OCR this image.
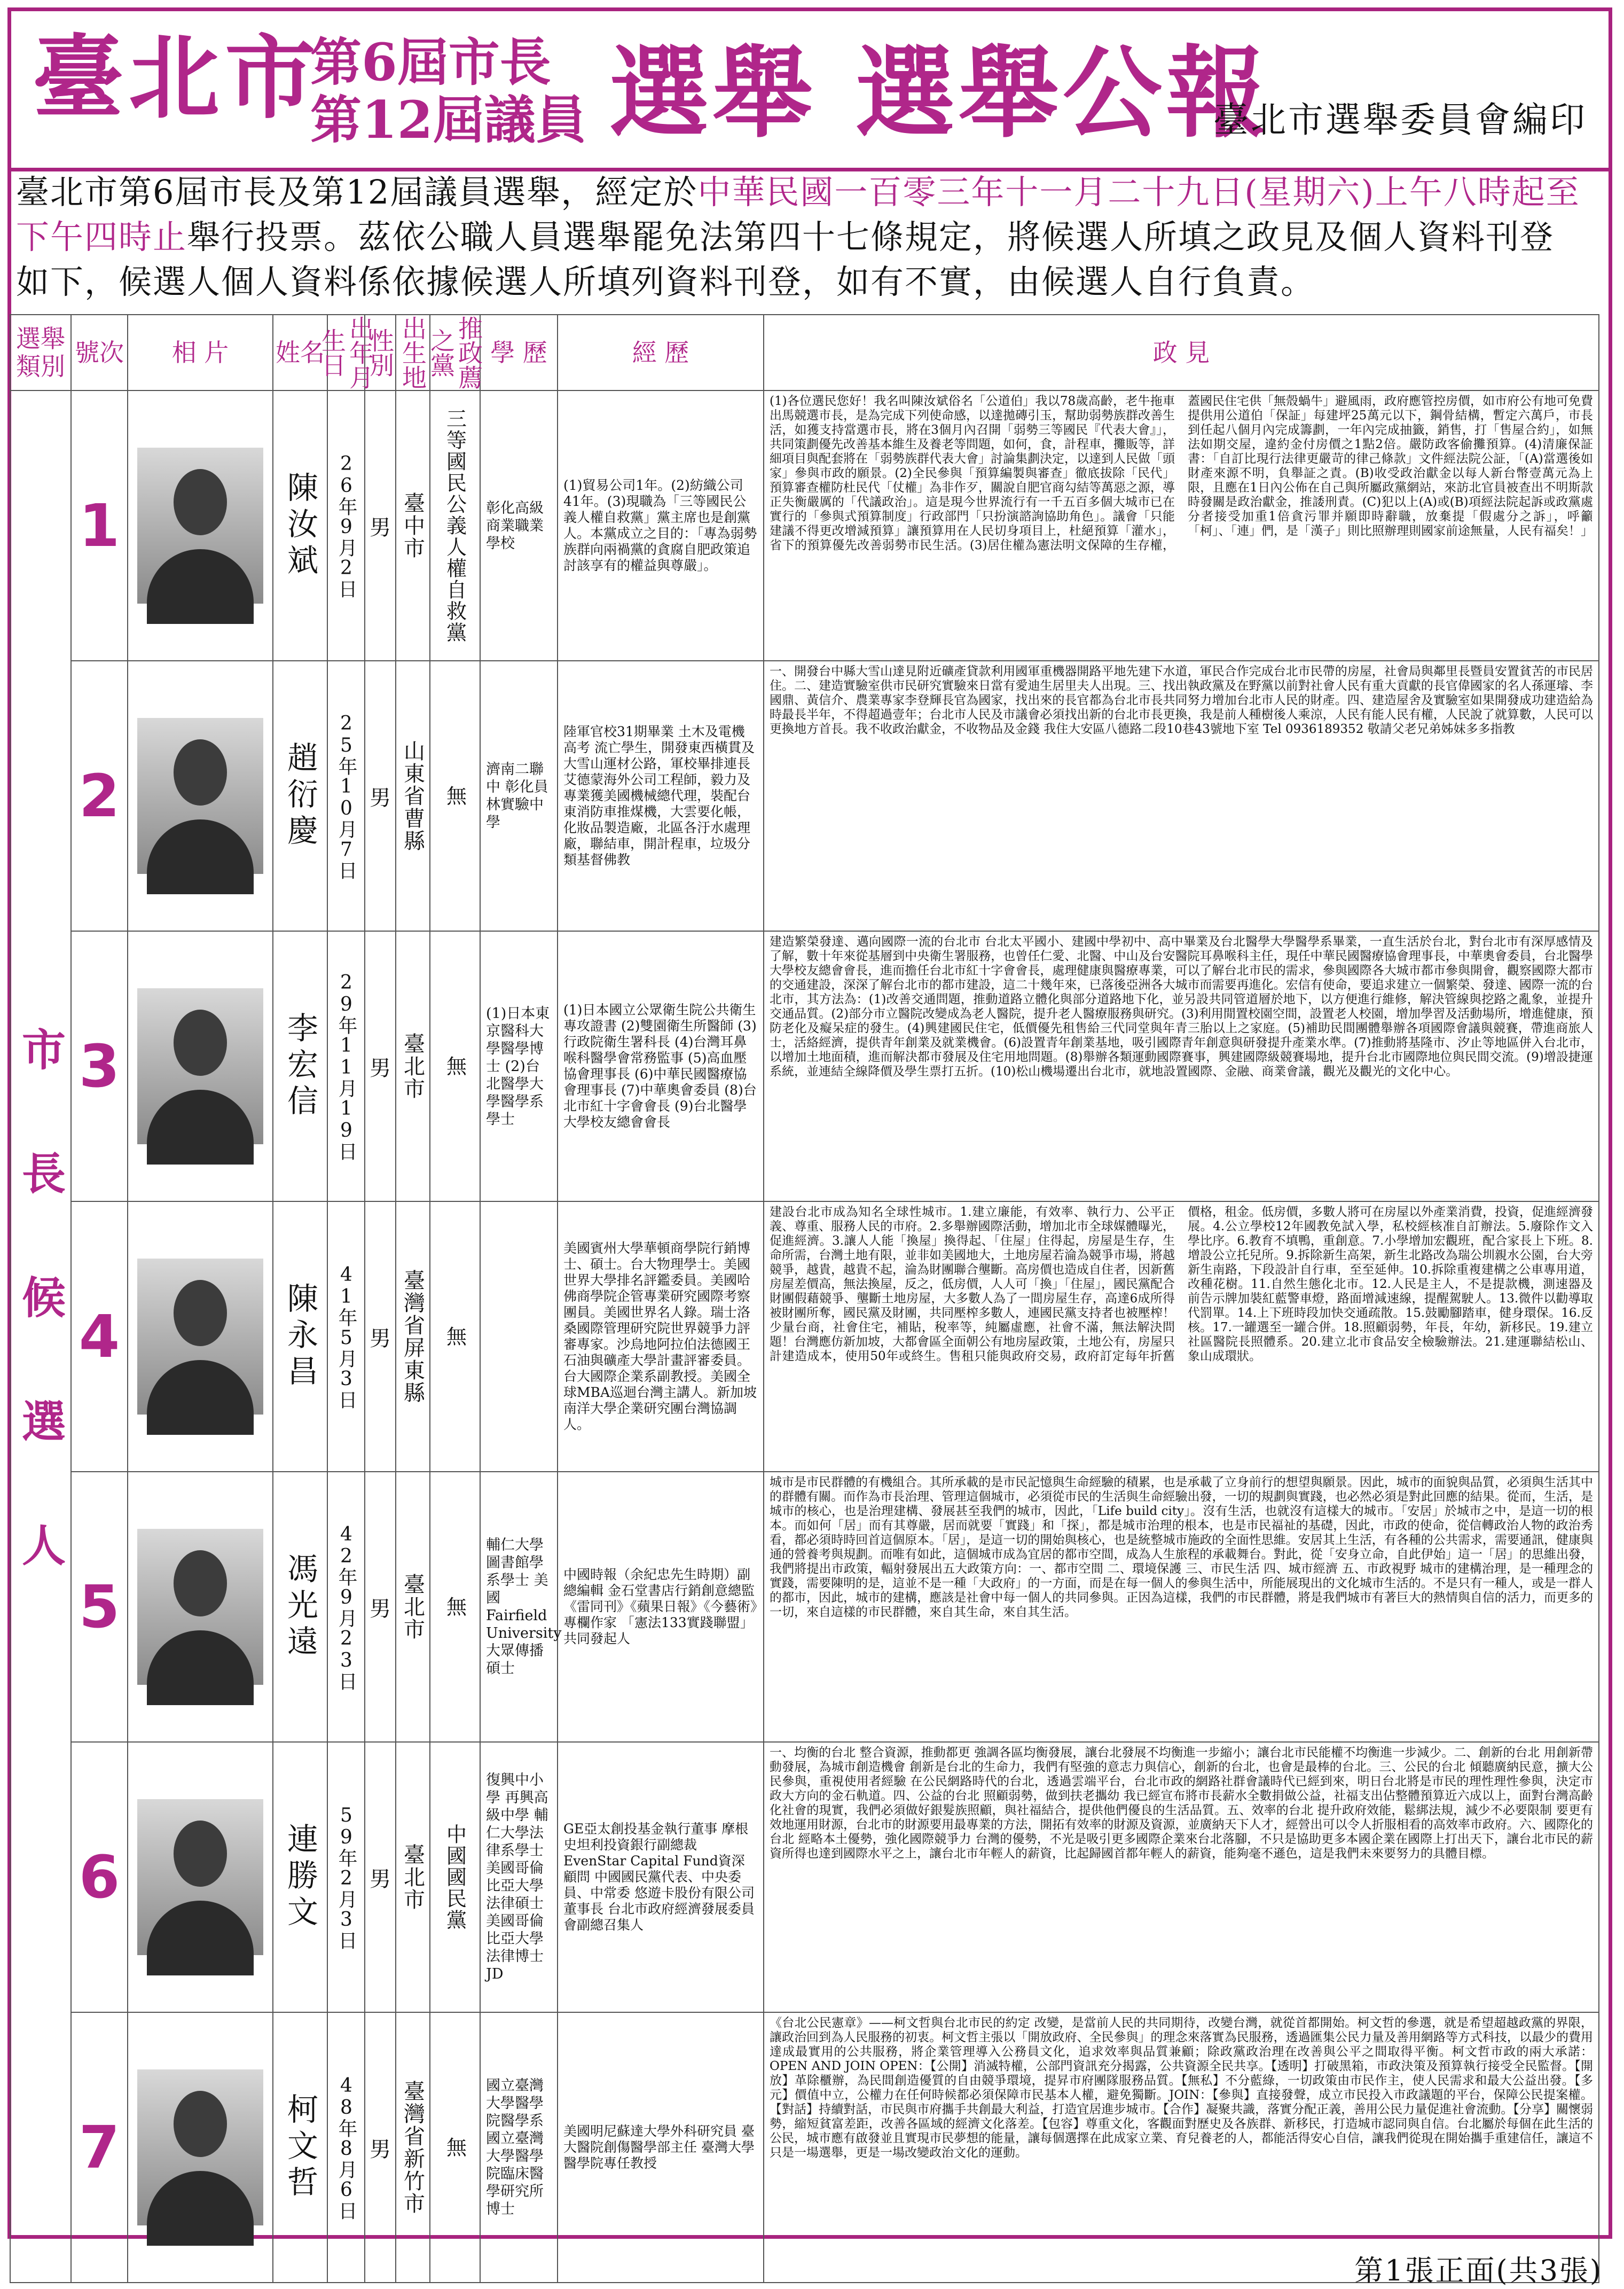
臺北市
第6屆市長
第12屆議員 選舉 選舉公報
臺北市選舉委員會編印
臺北市第6屆市長及第12屆議員選舉，經定於中華民國一百零三年十一月二十九日(星期六)上午八時起至下午四時止舉行投票。茲依公職人員選舉罷免法第四十七條規定，將候選人所填之政見及個人資料刊登如下，候選人個人資料係依據候選人所填列資料刊登，如有不實，由候選人自行負責。
選舉類別	號次	相 片	姓名	出年月生日	性別	出生地	推政薦之黨	學 歷	經 歷	政 見
市長候選人	1		陳汝斌	26年9月2日	男	臺中市	三等國民公義人權自救黨	彰化高級商業職業學校	(1)貿易公司1年。(2)紡織公司41年。(3)現職為「三等國民公義人權自救黨」黨主席也是創黨人。本黨成立之目的：「專為弱勢族群向兩禍黨的貪腐自肥政策追討該享有的權益與尊嚴」。	(1)各位選民您好！我名叫陳汝斌俗名「公道伯」我以78歲高齡，老牛拖車出馬競選市長，是為完成下列使命感，以達拋磚引玉，幫助弱勢族群改善生活，如獲支持當選市長，將在3個月內召開「弱勢三等國民『代表大會』」，共同策劃優先改善基本維生及養老等問題，如何，食，計程車，攤販等，詳細項目與配套將在「弱勢族群代表大會」討論集劃決定，以達到人民做「頭家」參與市政的願景。(2)全民參與「預算編製與審查」徹底拔除「民代」預算審查權防杜民代「仗權」為非作歹，關說自肥官商勾結等萬惡之源，導正失衡嚴厲的「代議政治」。這是現今世界流行有一千五百多個大城市已在實行的「參與式預算制度」行政部門「只扮演諮詢協助角色」。議會「只能建議不得更改增減預算」讓預算用在人民切身項目上，杜絕預算「灌水」，省下的預算優先改善弱勢市民生活。(3)居住權為憲法明文保障的生存權，蓋國民住宅供「無殼蝸牛」避風雨，政府應管控房價，如市府公有地可免費提供用公道伯「保証」每建坪25萬元以下，鋼骨結構，暫定六萬戶，市長到任起八個月內完成籌劃，一年內完成抽籤，銷售，打「售屋合約」，如無法如期交屋，違約金付房價之1點2倍。嚴防政客偷攤預算。(4)清廉保証書：「自訂比現行法律更嚴苛的律己條款」文件經法院公証，「(A)當選後如財產來源不明，負舉証之責。(B)收受政治獻金以每人新台幣壹萬元為上限，且應在1日內公佈在自己與所屬政黨網站，來訪北官員被查出不明斯款時發關是政治獻金，推諉刑責。(C)犯以上(A)或(B)項經法院起訴或政黨處分者接受加重1倍貪污罪并願即時辭職，放棄提「假處分之訴」，呼籲「柯」、「連」們，是「漢子」則比照辦理則國家前途無量，人民有福矣！」

	2		趙衍慶	25年10月7日	男	山東省曹縣	無	濟南二聯中 彰化員林實驗中學	陸軍官校31期畢業 土木及電機高考 流亡學生，開發東西橫貫及大雪山運材公路，軍校畢排連長 艾德蒙海外公司工程師，毅力及專業獲美國機械總代理，裝配台東消防車推煤機，大雲要化帳，化妝品製造廠，北區各汙水處理廠，聯結車，開計程車，垃圾分類基督佛教	一、開發台中縣大雪山達見附近礦產貸款利用國軍重機器開路平地先建下水道，軍民合作完成台北市民帶的房屋，社會局與鄰里長暨員安置貧苦的市民居住。二、建造實驗室供市民研究實驗來日當有愛迪生居里夫人出現。三、找出執政黨及在野黨以前對社會人民有重大貢獻的長官偉國家的名人孫運璿、李國鼎、黃信介、農業專家李登輝長官為國家，找出來的長官都為台北市長共同努力增加台北市人民的財產。四、建造屋舍及實驗室如果開發成功建造給為時最長半年，不得超過壹年；台北市人民及市議會必須找出新的台北市長更換，我是前人種樹後人乘涼，人民有能人民有權，人民說了就算數，人民可以更換地方首長。我不收政治獻金，不收物品及金錢 我住大安區八德路二段10巷43號地下室 Tel 0936189352 敬請父老兄弟姊妹多多指教

	3		李宏信	29年11月19日	男	臺北市	無	(1)日本東京醫科大學醫學博士 (2)台北醫學大學醫學系學士	(1)日本國立公眾衛生院公共衛生專攻證書 (2)雙園衛生所醫師 (3)行政院衛生署科長 (4)台灣耳鼻喉科醫學會常務監事 (5)高血壓協會理事長 (6)中華民國醫療協會理事長 (7)中華奧會委員 (8)台北市紅十字會會長 (9)台北醫學大學校友總會會長	建造繁榮發達、邁向國際一流的台北市 台北太平國小、建國中學初中、高中畢業及台北醫學大學醫學系畢業，一直生活於台北，對台北市有深厚感情及了解，數十年來從基層到中央衛生署服務，也曾任仁愛、北醫、中山及台安醫院耳鼻喉科主任，現任中華民國醫療協會理事長，中華奧會委員，台北醫學大學校友總會會長，進而擔任台北市紅十字會會長，處理健康與醫療專業，可以了解台北市民的需求，參與國際各大城市都市參與開會，觀察國際大都市的交通建設，深深了解台北市的都市建設，這二十幾年來，已落後亞洲各大城市而需要再進化。宏信有使命，要追求建立一個繁榮、發達、國際一流的台北市，其方法為：(1)改善交通問題，推動道路立體化與部分道路地下化，並另設共同管道層於地下，以方便進行維修，解決管線與挖路之亂象，並提升交通品質。(2)部分市立醫院改變成為老人醫院，提升老人醫療服務與研究。(3)利用閒置校園空間，設置老人校園，增加學習及活動場所，增進健康，預防老化及癡呆症的發生。(4)興建國民住宅，低價優先租售給三代同堂與年青三胎以上之家庭。(5)補助民間團體舉辦各項國際會議與競賽，帶進商旅人士，活絡經濟，提供青年創業及就業機會。(6)設置青年創業基地，吸引國際青年創意與研發提升產業水準。(7)推動將基隆市、汐止等地區併入台北市，以增加土地面積，進而解決都市發展及住宅用地問題。(8)舉辦各類運動國際賽事，興建國際級競賽場地，提升台北市國際地位與民間交流。(9)增設捷運系統，並連結全線降價及學生票打五折。(10)松山機場遷出台北市，就地設置國際、金融、商業會議，觀光及觀光的文化中心。

	4		陳永昌	41年5月3日	男	臺灣省屏東縣	無		美國賓州大學華頓商學院行銷博士、碩士。台大物理學士。美國世界大學排名評鑑委員。美國哈佛商學院企管專業研究國際考察團員。美國世界名人錄。瑞士洛桑國際管理研究院世界競爭力評審專家。沙烏地阿拉伯法德國王石油與礦產大學計畫評審委員。台大國際企業系副教授。美國全球MBA巡迴台灣主講人。新加坡南洋大學企業研究團台灣協調人。	建設台北市成為知名全球性城市。1.建立廉能，有效率、執行力、公平正義、尊重、服務人民的市府。2.多舉辦國際活動，增加北市全球媒體曝光，促進經濟。3.讓人人能「換屋」換得起、「住屋」住得起，房屋是生存，生命所需，台灣土地有限，並非如美國地大，土地房屋若淪為競爭市場，將越競爭，越貴，越貴不起，淪為財團聯合壟斷。高房價也造成自住者，因新舊房屋差價高，無法換屋，反之，低房價，人人可「換」「住屋」，國民黨配合財團假藉競爭、壟斷土地房屋，大多數人為了一間房屋生存，高達6成所得被財團所奪，國民黨及財團，共同壓榨多數人，連國民黨支持者也被壓榨！少量台商，社會住宅，補貼，稅率等，純屬虛應，社會不滿，無法解決問題！台灣應仿新加坡，大都會區全面朝公有地房屋政策，土地公有，房屋只計建造成本，使用50年或終生。售租只能與政府交易，政府訂定每年折舊價格，租金。低房價，多數人將可在房屋以外產業消費，投資，促進經濟發展。4.公立學校12年國教免試入學，私校經核准自訂辦法。5.廢除作文入學比序。6.教育不填鴨，重創意。7.小學增加宏觀班，配合家長上下班。8.增設公立托兒所。9.拆除新生高架，新生北路改為瑞公圳親水公園，台大旁新生南路，下段設計自行車，至至延伸。10.拆除重複建構之公車專用道，改種花樹。11.自然生態化北市。12.人民是主人，不是提款機，測速器及前告示牌加裝紅藍警車燈，路面增減速線，提醒駕駛人。13.微件以勸導取代罰單。14.上下班時段加快交通疏散。15.鼓勵腳踏車，健身環保。16.反核。17.一罐選至一罐合併。18.照顧弱勢，年長，年幼，新移民。19.建立社區醫院長照體系。20.建立北市食品安全檢驗辦法。21.建運聯結松山、象山成環狀。

	5		馮光遠	42年9月23日	男	臺北市	無	輔仁大學圖書館學系學士 美國Fairfield University大眾傳播碩士	中國時報（余紀忠先生時期）副總編輯 金石堂書店行銷創意總監 《雷同刊》《蘋果日報》《今藝術》專欄作家 「憲法133實踐聯盟」共同發起人	城市是市民群體的有機組合。其所承載的是市民記憶與生命經驗的積累，也是承載了立身前行的想望與願景。因此，城市的面貌與品質，必須與生活其中的群體有關。而作為市長治理、管理這個城市，必須從市民的生活與生命經驗出發，一切的規劃與實踐，也必然必須是對此回應的結果。從而，生活，是城市的核心，也是治理建構、發展甚至我們的城市，因此，「Life build city」。沒有生活，也就沒有這樣大的城市。「安居」於城市之中，是這一切的根本。而如何「居」而有其尊嚴，居而就要「實踐」和「探」，都是城市治理的根本，也是市民福祉的基礎，因此，市政的使命，從信轉政治人物的政治秀看，都必須時時回首這個原本。「居」，是這一切的開始與核心，也是統整城市施政的全面性思維。安居其上生活，有各種的公共需求，需要通訊，健康與通的營養考與規劃。而唯有如此，這個城市成為宜居的都市空間，成為人生旅程的承載舞台。對此，從「安身立命，自此伊始」這一「居」的思維出發，我們將提出市政策，輻射發展出五大政策方向：一、都市空間 二、環境保護 三、市民生活 四、城市經濟 五、市政視野 城市的建構治理，是一種理念的實踐，需要陳明的是，這並不是一種「大政府」的一方面，而是在每一個人的參與生活中，所能展現出的文化城市生活的。不是只有一種人，或是一群人的都市，因此，城市的建構，應該是社會中每一個人的共同參與。正因為這樣，我們的市民群體，將是我們城市有著巨大的熱情與自信的活力，而更多的一切，來自這樣的市民群體，來自其生命，來自其生活。

	6		連勝文	59年2月3日	男	臺北市	中國國民黨	復興中小學 再興高級中學 輔仁大學法律系學士 美國哥倫比亞大學法律碩士 美國哥倫比亞大學法律博士JD	GE亞太創投基金執行董事 摩根史坦利投資銀行副總裁 EvenStar Capital Fund資深顧問 中國國民黨代表、中央委員、中常委 悠遊卡股份有限公司董事長 台北市政府經濟發展委員會副總召集人	一、均衡的台北 整合資源，推動都更 強調各區均衡發展，讓台北發展不均衡進一步縮小；讓台北市民能權不均衡進一步減少。二、創新的台北 用創新帶動發展，為城市創造機會 創新是台北的生命力，我們有堅強的意志力與信心，創新的台北，也會是最棒的台北。三、公民的台北 傾聽廣納民意，擴大公民參與，重視使用者經驗 在公民網路時代的台北，透過雲端平台，台北市政的網路社群會議時代已經到來，明日台北將是市民的理性理性參與，決定市政大方向的金石軌道。四、公益的台北 照顧弱勢，做到扶老攜幼 我已經宣布將市長薪水全數捐做公益，社福支出佔整體預算近六成以上，面對台灣高齡化社會的現實，我們必須做好銀髮族照顧，與社福結合，提供他們優良的生活品質。五、效率的台北 提升政府效能，鬆綁法規，減少不必要限制 要更有效地運用財源，台北市的財源要用最專業的方法，開拓有效率的財源及資源，並廣納天下人才，經營出可以令人折服相看的高效率市政府。六、國際化的台北 經略本土優勢，強化國際競爭力 台灣的優勢，不光是吸引更多國際企業來台北落腳，不只是協助更多本國企業在國際上打出天下，讓台北市民的薪資所得也達到國際水平之上，讓台北市年輕人的薪資，比起歸國首都年輕人的薪資，能夠毫不遜色，這是我們未來要努力的具體目標。

	7		柯文哲	48年8月6日	男	臺灣省新竹市	無	國立臺灣大學醫學院醫學系 國立臺灣大學醫學院臨床醫學研究所博士	美國明尼蘇達大學外科研究員 臺大醫院創傷醫學部主任 臺灣大學醫學院專任教授	《台北公民憲章》——柯文哲與台北市民的約定 改變，是當前人民的共同期待，改變台灣，就從首都開始。柯文哲的參選，就是希望超越政黨的界限，讓政治回到為人民服務的初衷。柯文哲主張以「開放政府、全民參與」的理念來落實為民服務，透過匯集公民力量及善用網路等方式科技，以最少的費用達成最實用的公共服務，將企業管理導入公務員文化，追求效率與品質兼顧；除政黨政治理在改善與公平之間取得平衡。柯文哲市政的兩大承諾：OPEN AND JOIN OPEN：【公開】消滅特權，公部門資訊充分揭露，公共資源全民共享。【透明】打破黑箱，市政決策及預算執行接受全民監督。【開放】革除櫃辦，為民間創造優質的自由競爭環境，提昇市府團隊服務品質。【無私】不分藍綠，一切政策由市民作主，使人民需求和最大公益出發。【多元】價值中立，公權力在任何時候都必須保障市民基本人權，避免獨斷。JOIN：【參與】直接發聲，成立市民投入市政議題的平台，保障公民提案權。【對話】持續對話，市民與市府攜手共創最大利益，打造宜居進步城市。【合作】凝聚共識，落實分配正義，善用公民力量促進社會流動。【分享】關懷弱勢，縮短貧富差距，改善各區域的經濟文化落差。【包容】尊重文化，客觀面對歷史及各族群、新移民，打造城市認同與自信。台北屬於每個在此生活的公民，城市應有啟發並且實現市民夢想的能量，讓每個選擇在此成家立業、育兒養老的人，都能活得安心自信，讓我們從現在開始攜手重建信任，讓這不只是一場選舉，更是一場改變政治文化的運動。
第1張正面(共3張)
